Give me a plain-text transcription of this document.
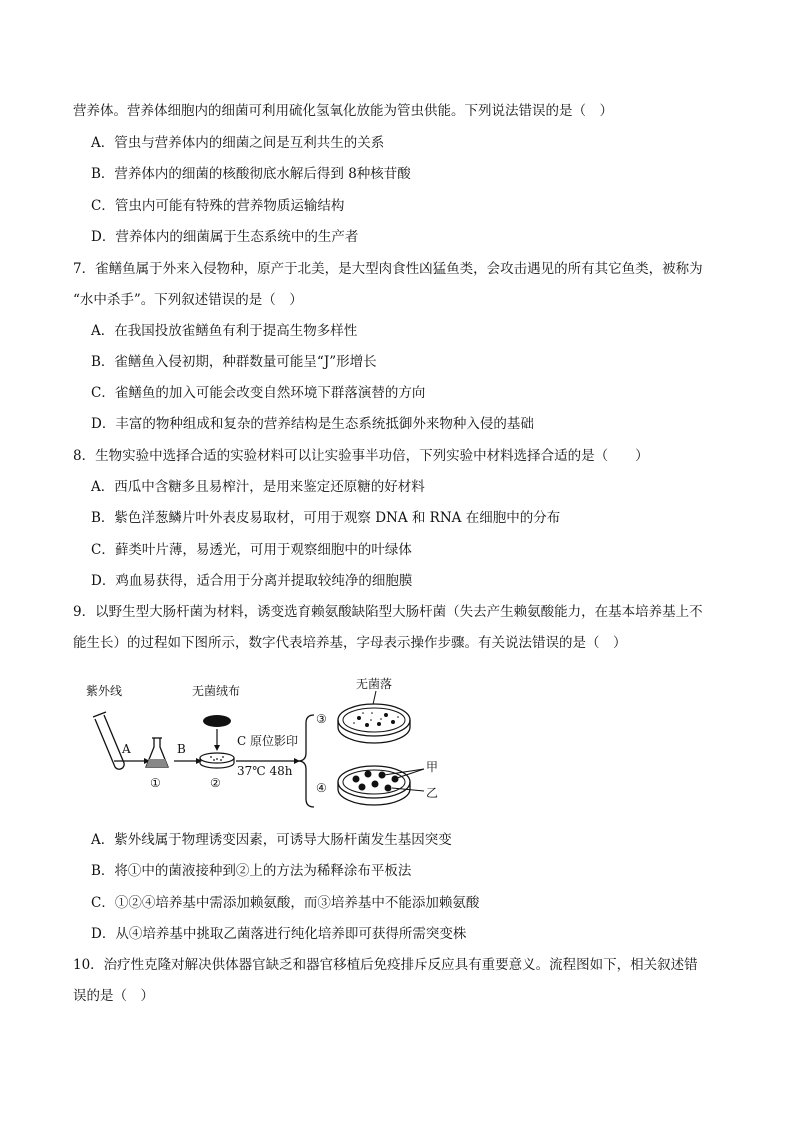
营养体。营养体细胞内的细菌可利用硫化氢氧化放能为管虫供能。下列说法错误的是（　）
A．管虫与营养体内的细菌之间是互利共生的关系
B．营养体内的细菌的核酸彻底水解后得到 8种核苷酸
C．管虫内可能有特殊的营养物质运输结构
D．营养体内的细菌属于生态系统中的生产者
7．雀鳝鱼属于外来入侵物种，原产于北美，是大型肉食性凶猛鱼类，会攻击遇见的所有其它鱼类，被称为
“水中杀手”。下列叙述错误的是（　）
A．在我国投放雀鳝鱼有利于提高生物多样性
B．雀鳝鱼入侵初期，种群数量可能呈“J”形增长
C．雀鳝鱼的加入可能会改变自然环境下群落演替的方向
D．丰富的物种组成和复杂的营养结构是生态系统抵御外来物种入侵的基础
8．生物实验中选择合适的实验材料可以让实验事半功倍，下列实验中材料选择合适的是（　　）
A．西瓜中含糖多且易榨汁，是用来鉴定还原糖的好材料
B．紫色洋葱鳞片叶外表皮易取材，可用于观察 DNA 和 RNA 在细胞中的分布
C．藓类叶片薄，易透光，可用于观察细胞中的叶绿体
D．鸡血易获得，适合用于分离并提取较纯净的细胞膜
9．以野生型大肠杆菌为材料，诱变选育赖氨酸缺陷型大肠杆菌（失去产生赖氨酸能力，在基本培养基上不
能生长）的过程如下图所示，数字代表培养基，字母表示操作步骤。有关说法错误的是（　）
紫外线
A
①
B
无菌绒布
②
C 原位影印
37℃ 48h
③
④
无菌落
甲
乙
A．紫外线属于物理诱变因素，可诱导大肠杆菌发生基因突变
B．将①中的菌液接种到②上的方法为稀释涂布平板法
C．①②④培养基中需添加赖氨酸，而③培养基中不能添加赖氨酸
D．从④培养基中挑取乙菌落进行纯化培养即可获得所需突变株
10．治疗性克隆对解决供体器官缺乏和器官移植后免疫排斥反应具有重要意义。流程图如下，相关叙述错
误的是（　）
